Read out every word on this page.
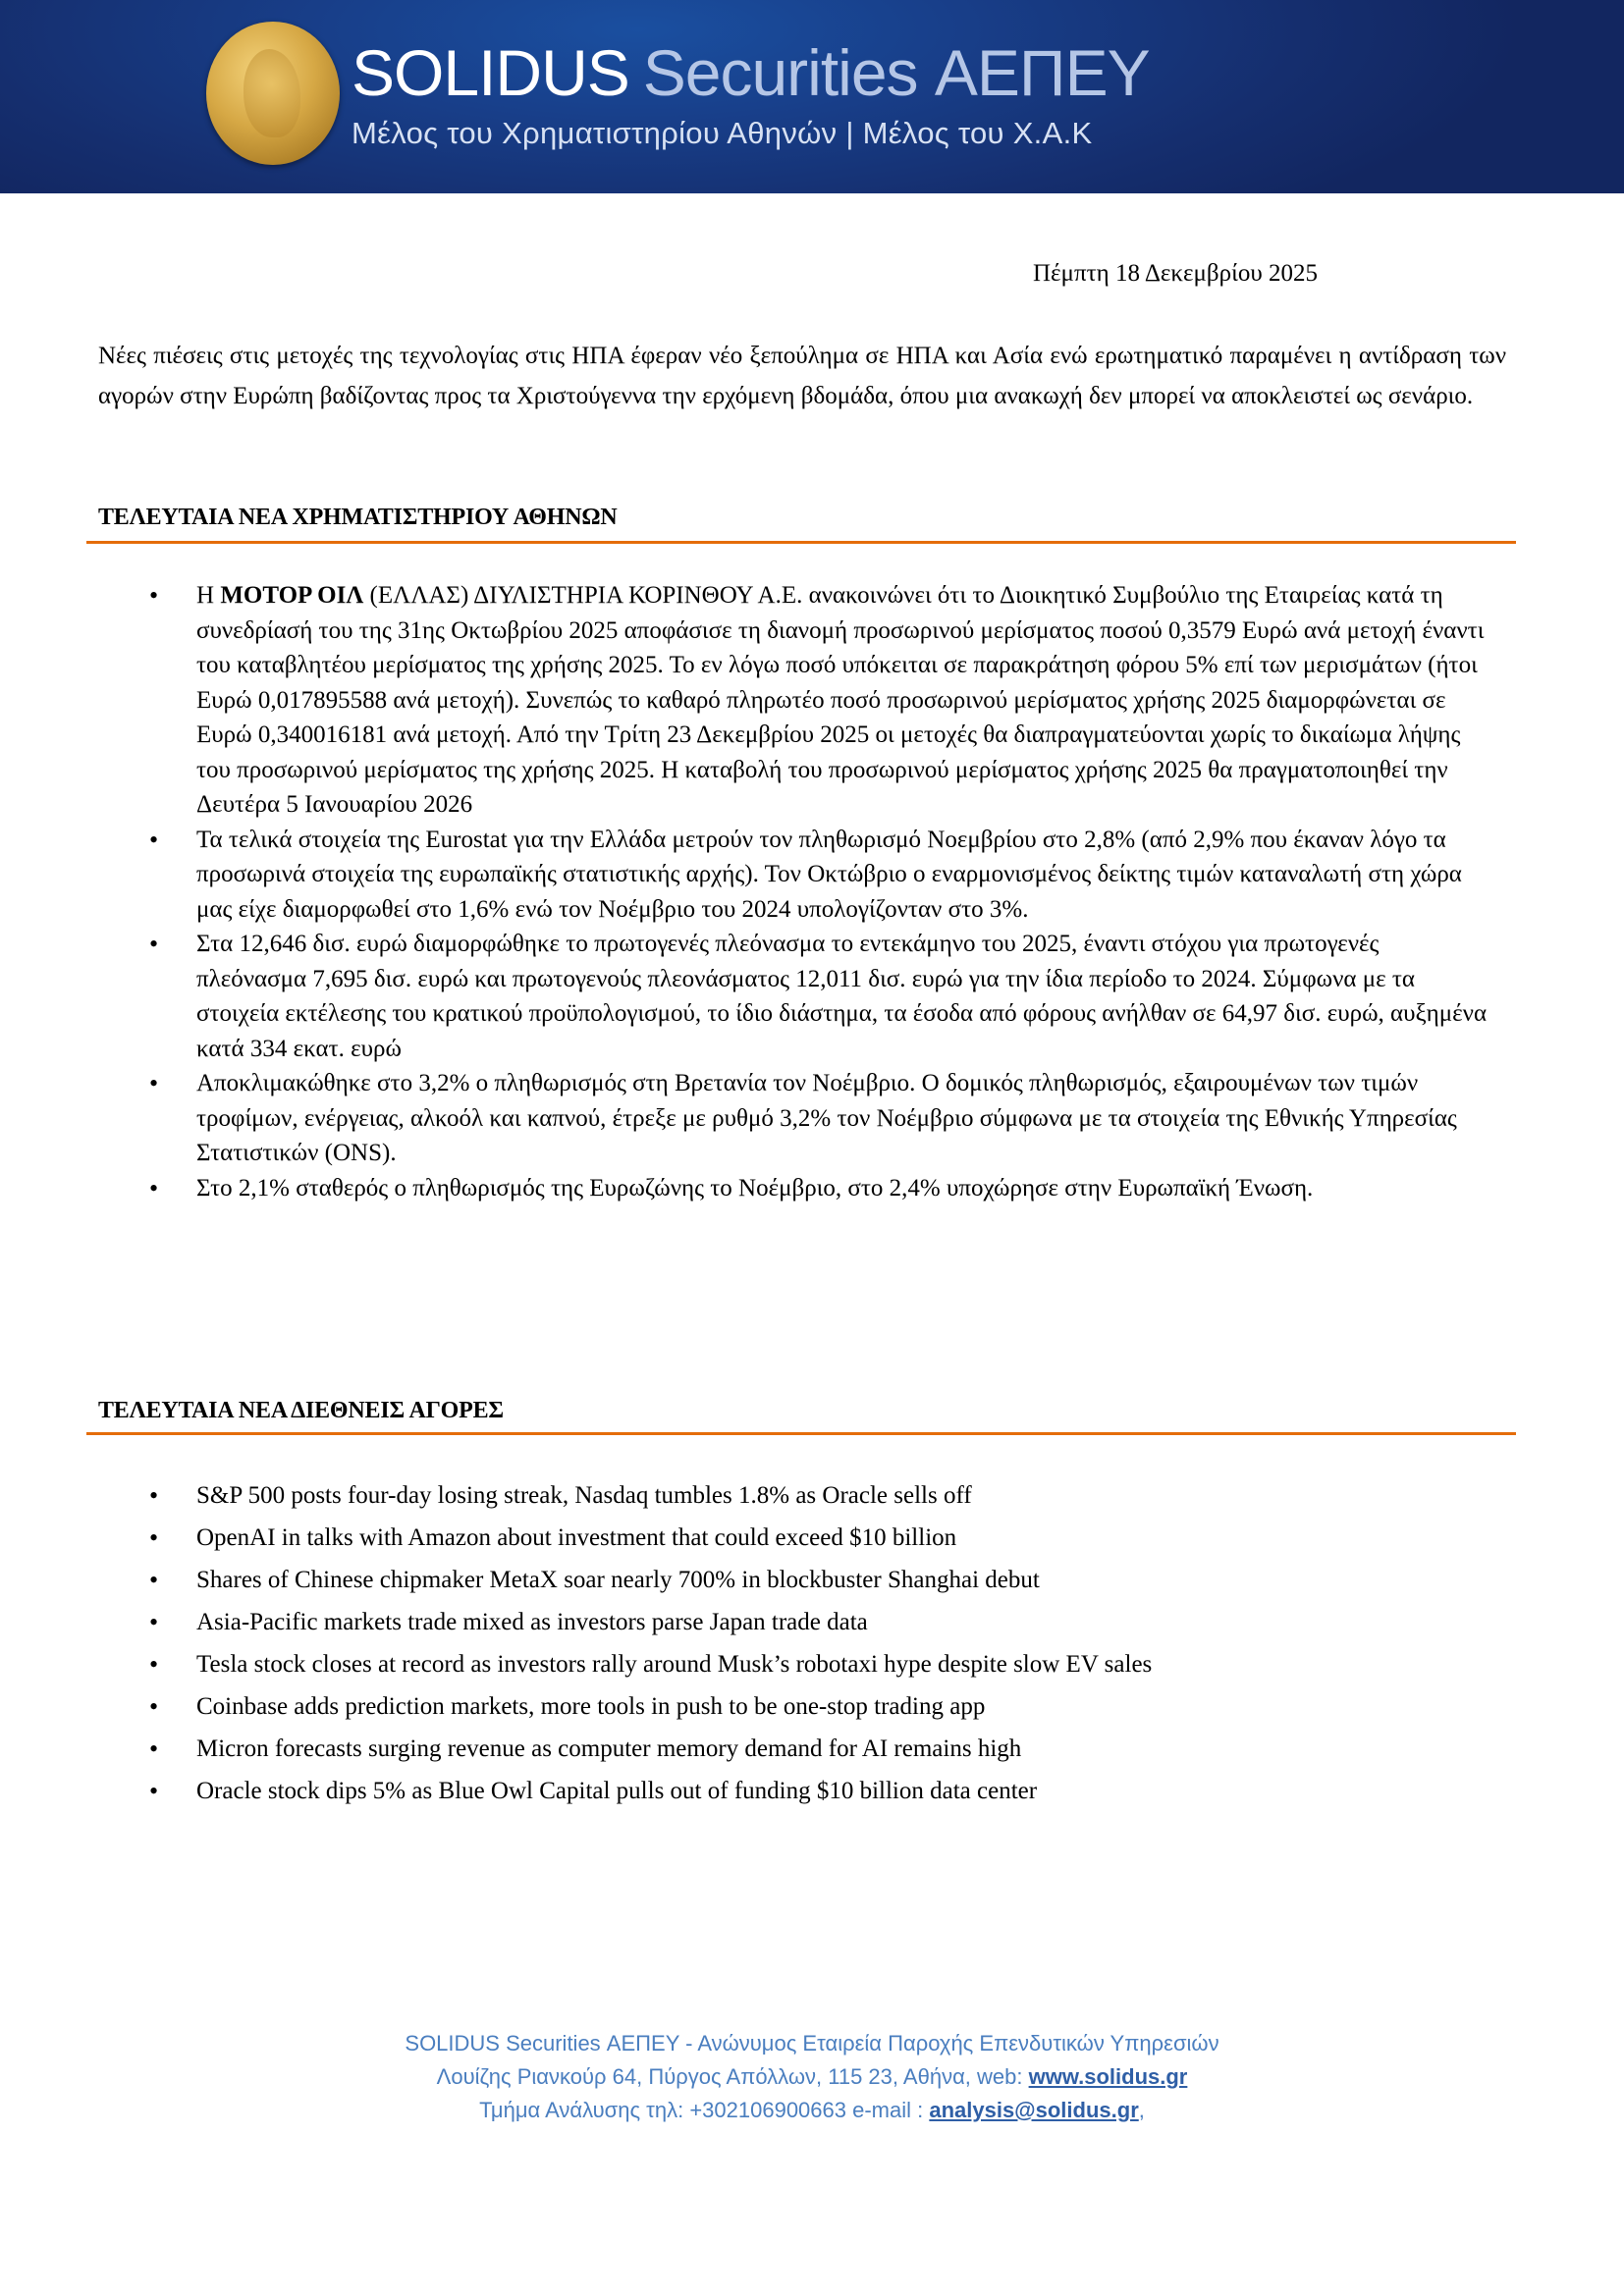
SOLIDUS Securities ΑΕΠΕΥ
Μέλος του Χρηματιστηρίου Αθηνών | Μέλος του Χ.Α.Κ
Πέμπτη 18 Δεκεμβρίου 2025

Νέες πιέσεις στις μετοχές της τεχνολογίας στις ΗΠΑ έφεραν νέο ξεπούλημα σε ΗΠΑ και Ασία ενώ ερωτηματικό παραμένει η αντίδραση των αγορών στην Ευρώπη βαδίζοντας προς τα Χριστούγεννα την ερχόμενη βδομάδα, όπου μια ανακωχή δεν μπορεί να αποκλειστεί ως σενάριο.

ΤΕΛΕΥΤΑΙΑ ΝΕΑ ΧΡΗΜΑΤΙΣΤΗΡΙΟΥ ΑΘΗΝΩΝ
• Η ΜΟΤΟΡ ΟΙΛ (ΕΛΛΑΣ) ΔΙΥΛΙΣΤΗΡΙΑ ΚΟΡΙΝΘΟΥ Α.Ε. ανακοινώνει ότι το Διοικητικό Συμβούλιο της Εταιρείας κατά τη συνεδρίασή του της 31ης Οκτωβρίου 2025 αποφάσισε τη διανομή προσωρινού μερίσματος ποσού 0,3579 Ευρώ ανά μετοχή έναντι του καταβλητέου μερίσματος της χρήσης 2025. Το εν λόγω ποσό υπόκειται σε παρακράτηση φόρου 5% επί των μερισμάτων (ήτοι Ευρώ 0,017895588 ανά μετοχή). Συνεπώς το καθαρό πληρωτέο ποσό προσωρινού μερίσματος χρήσης 2025 διαμορφώνεται σε Ευρώ 0,340016181 ανά μετοχή. Από την Τρίτη 23 Δεκεμβρίου 2025 οι μετοχές θα διαπραγματεύονται χωρίς το δικαίωμα λήψης του προσωρινού μερίσματος της χρήσης 2025. Η καταβολή του προσωρινού μερίσματος χρήσης 2025 θα πραγματοποιηθεί την Δευτέρα 5 Ιανουαρίου 2026
• Τα τελικά στοιχεία της Eurostat για την Ελλάδα μετρούν τον πληθωρισμό Νοεμβρίου στο 2,8% (από 2,9% που έκαναν λόγο τα προσωρινά στοιχεία της ευρωπαϊκής στατιστικής αρχής). Τον Οκτώβριο ο εναρμονισμένος δείκτης τιμών καταναλωτή στη χώρα μας είχε διαμορφωθεί στο 1,6% ενώ τον Νοέμβριο του 2024 υπολογίζονταν στο 3%.
• Στα 12,646 δισ. ευρώ διαμορφώθηκε το πρωτογενές πλεόνασμα το εντεκάμηνο του 2025, έναντι στόχου για πρωτογενές πλεόνασμα 7,695 δισ. ευρώ και πρωτογενούς πλεονάσματος 12,011 δισ. ευρώ για την ίδια περίοδο το 2024. Σύμφωνα με τα στοιχεία εκτέλεσης του κρατικού προϋπολογισμού, το ίδιο διάστημα, τα έσοδα από φόρους ανήλθαν σε 64,97 δισ. ευρώ, αυξημένα κατά 334 εκατ. ευρώ
• Αποκλιμακώθηκε στο 3,2% ο πληθωρισμός στη Βρετανία τον Νοέμβριο. Ο δομικός πληθωρισμός, εξαιρουμένων των τιμών τροφίμων, ενέργειας, αλκοόλ και καπνού, έτρεξε με ρυθμό 3,2% τον Νοέμβριο σύμφωνα με τα στοιχεία της Εθνικής Υπηρεσίας Στατιστικών (ONS).
• Στο 2,1% σταθερός ο πληθωρισμός της Ευρωζώνης το Νοέμβριο, στο 2,4% υποχώρησε στην Ευρωπαϊκή Ένωση.
ΤΕΛΕΥΤΑΙΑ ΝΕΑ ΔΙΕΘΝΕΙΣ ΑΓΟΡΕΣ
• S&P 500 posts four-day losing streak, Nasdaq tumbles 1.8% as Oracle sells off
• OpenAI in talks with Amazon about investment that could exceed $10 billion
• Shares of Chinese chipmaker MetaX soar nearly 700% in blockbuster Shanghai debut
• Asia-Pacific markets trade mixed as investors parse Japan trade data
• Tesla stock closes at record as investors rally around Musk’s robotaxi hype despite slow EV sales
• Coinbase adds prediction markets, more tools in push to be one-stop trading app
• Micron forecasts surging revenue as computer memory demand for AI remains high
• Oracle stock dips 5% as Blue Owl Capital pulls out of funding $10 billion data center
SOLIDUS Securities ΑΕΠΕΥ - Ανώνυμος Εταιρεία Παροχής Επενδυτικών Υπηρεσιών
Λουίζης Ριανκούρ 64, Πύργος Απόλλων, 115 23, Αθήνα, web: www.solidus.gr
Τμήμα Ανάλυσης τηλ: +302106900663 e-mail : analysis@solidus.gr,
